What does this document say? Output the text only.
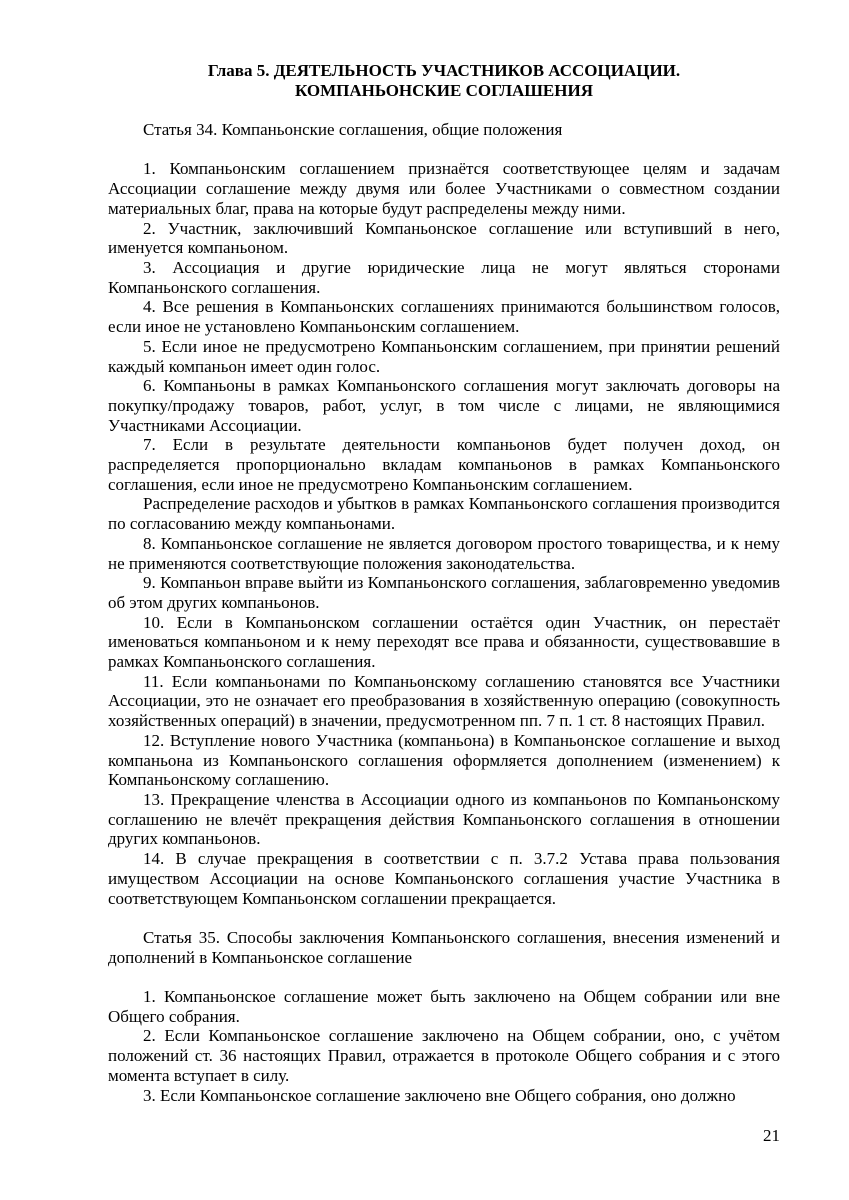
Глава 5. ДЕЯТЕЛЬНОСТЬ УЧАСТНИКОВ АССОЦИАЦИИ.
КОМПАНЬОНСКИЕ СОГЛАШЕНИЯ

Статья 34. Компаньонские соглашения, общие положения

1. Компаньонским соглашением признаётся соответствующее целям и задачам Ассоциации соглашение между двумя или более Участниками о совместном создании материальных благ, права на которые будут распределены между ними.

2. Участник, заключивший Компаньонское соглашение или вступивший в него, именуется компаньоном.

3. Ассоциация и другие юридические лица не могут являться сторонами Компаньонского соглашения.

4. Все решения в Компаньонских соглашениях принимаются большинством голосов, если иное не установлено Компаньонским соглашением.

5. Если иное не предусмотрено Компаньонским соглашением, при принятии решений каждый компаньон имеет один голос.

6. Компаньоны в рамках Компаньонского соглашения могут заключать договоры на покупку/продажу товаров, работ, услуг, в том числе с лицами, не являющимися Участниками Ассоциации.

7. Если в результате деятельности компаньонов будет получен доход, он распределяется пропорционально вкладам компаньонов в рамках Компаньонского соглашения, если иное не предусмотрено Компаньонским соглашением.

Распределение расходов и убытков в рамках Компаньонского соглашения производится по согласованию между компаньонами.

8. Компаньонское соглашение не является договором простого товарищества, и к нему не применяются соответствующие положения законодательства.

9. Компаньон вправе выйти из Компаньонского соглашения, заблаговременно уведомив об этом других компаньонов.

10. Если в Компаньонском соглашении остаётся один Участник, он перестаёт именоваться компаньоном и к нему переходят все права и обязанности, существовавшие в рамках Компаньонского соглашения.

11. Если компаньонами по Компаньонскому соглашению становятся все Участники Ассоциации, это не означает его преобразования в хозяйственную операцию (совокупность хозяйственных операций) в значении, предусмотренном пп. 7 п. 1 ст. 8 настоящих Правил.

12. Вступление нового Участника (компаньона) в Компаньонское соглашение и выход компаньона из Компаньонского соглашения оформляется дополнением (изменением) к Компаньонскому соглашению.

13. Прекращение членства в Ассоциации одного из компаньонов по Компаньонскому соглашению не влечёт прекращения действия Компаньонского соглашения в отношении других компаньонов.

14. В случае прекращения в соответствии с п. 3.7.2 Устава права пользования имуществом Ассоциации на основе Компаньонского соглашения участие Участника в соответствующем Компаньонском соглашении прекращается.

Статья 35. Способы заключения Компаньонского соглашения, внесения изменений и дополнений в Компаньонское соглашение

1. Компаньонское соглашение может быть заключено на Общем собрании или вне Общего собрания.

2. Если Компаньонское соглашение заключено на Общем собрании, оно, с учётом положений ст. 36 настоящих Правил, отражается в протоколе Общего собрания и с этого момента вступает в силу.

3. Если Компаньонское соглашение заключено вне Общего собрания, оно должно

21
